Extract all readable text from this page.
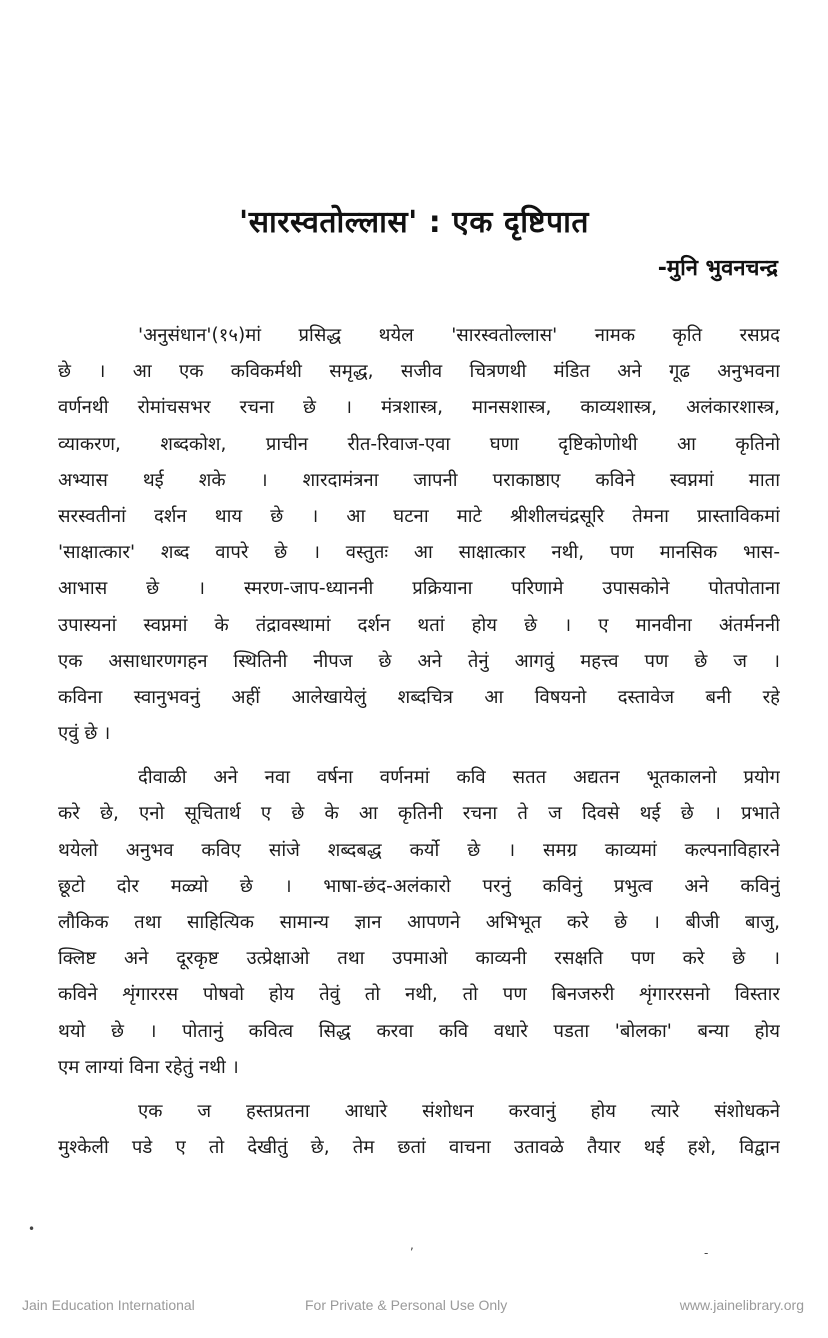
'सारस्वतोल्लास' : एक दृष्टिपात
-मुनि भुवनचन्द्र
'अनुसंधान'(१५)मां प्रसिद्ध थयेल 'सारस्वतोल्लास' नामक कृति रसप्रद
छे । आ एक कविकर्मथी समृद्ध, सजीव चित्रणथी मंडित अने गूढ अनुभवना
वर्णनथी रोमांचसभर रचना छे । मंत्रशास्त्र, मानसशास्त्र, काव्यशास्त्र, अलंकारशास्त्र,
व्याकरण, शब्दकोश, प्राचीन रीत-रिवाज-एवा घणा दृष्टिकोणोथी आ कृतिनो
अभ्यास थई शके । शारदामंत्रना जापनी पराकाष्ठाए कविने स्वप्नमां माता
सरस्वतीनां दर्शन थाय छे । आ घटना माटे श्रीशीलचंद्रसूरि तेमना प्रास्ताविकमां
'साक्षात्कार' शब्द वापरे छे । वस्तुतः आ साक्षात्कार नथी, पण मानसिक भास-
आभास छे । स्मरण-जाप-ध्याननी प्रक्रियाना परिणामे उपासकोने पोतपोताना
उपास्यनां स्वप्नमां के तंद्रावस्थामां दर्शन थतां होय छे । ए मानवीना अंतर्मननी
एक असाधारणगहन स्थितिनी नीपज छे अने तेनुं आगवुं महत्त्व पण छे ज ।
कविना स्वानुभवनुं अहीं आलेखायेलुं शब्दचित्र आ विषयनो दस्तावेज बनी रहे
एवुं छे ।
दीवाळी अने नवा वर्षना वर्णनमां कवि सतत अद्यतन भूतकालनो प्रयोग
करे छे, एनो सूचितार्थ ए छे के आ कृतिनी रचना ते ज दिवसे थई छे । प्रभाते
थयेलो अनुभव कविए सांजे शब्दबद्ध कर्यो छे । समग्र काव्यमां कल्पनाविहारने
छूटो दोर मळ्यो छे । भाषा-छंद-अलंकारो परनुं कविनुं प्रभुत्व अने कविनुं
लौकिक तथा साहित्यिक सामान्य ज्ञान आपणने अभिभूत करे छे । बीजी बाजु,
क्लिष्ट अने दूरकृष्ट उत्प्रेक्षाओ तथा उपमाओ काव्यनी रसक्षति पण करे छे ।
कविने शृंगाररस पोषवो होय तेवुं तो नथी, तो पण बिनजरुरी शृंगाररसनो विस्तार
थयो छे । पोतानुं कवित्व सिद्ध करवा कवि वधारे पडता 'बोलका' बन्या होय
एम लाग्यां विना रहेतुं नथी ।
एक ज हस्तप्रतना आधारे संशोधन करवानुं होय त्यारे संशोधकने
मुश्केली पडे ए तो देखीतुं छे, तेम छतां वाचना उतावळे तैयार थई हशे, विद्वान
•
,
-
Jain Education International	For Private & Personal Use Only	www.jainelibrary.org
